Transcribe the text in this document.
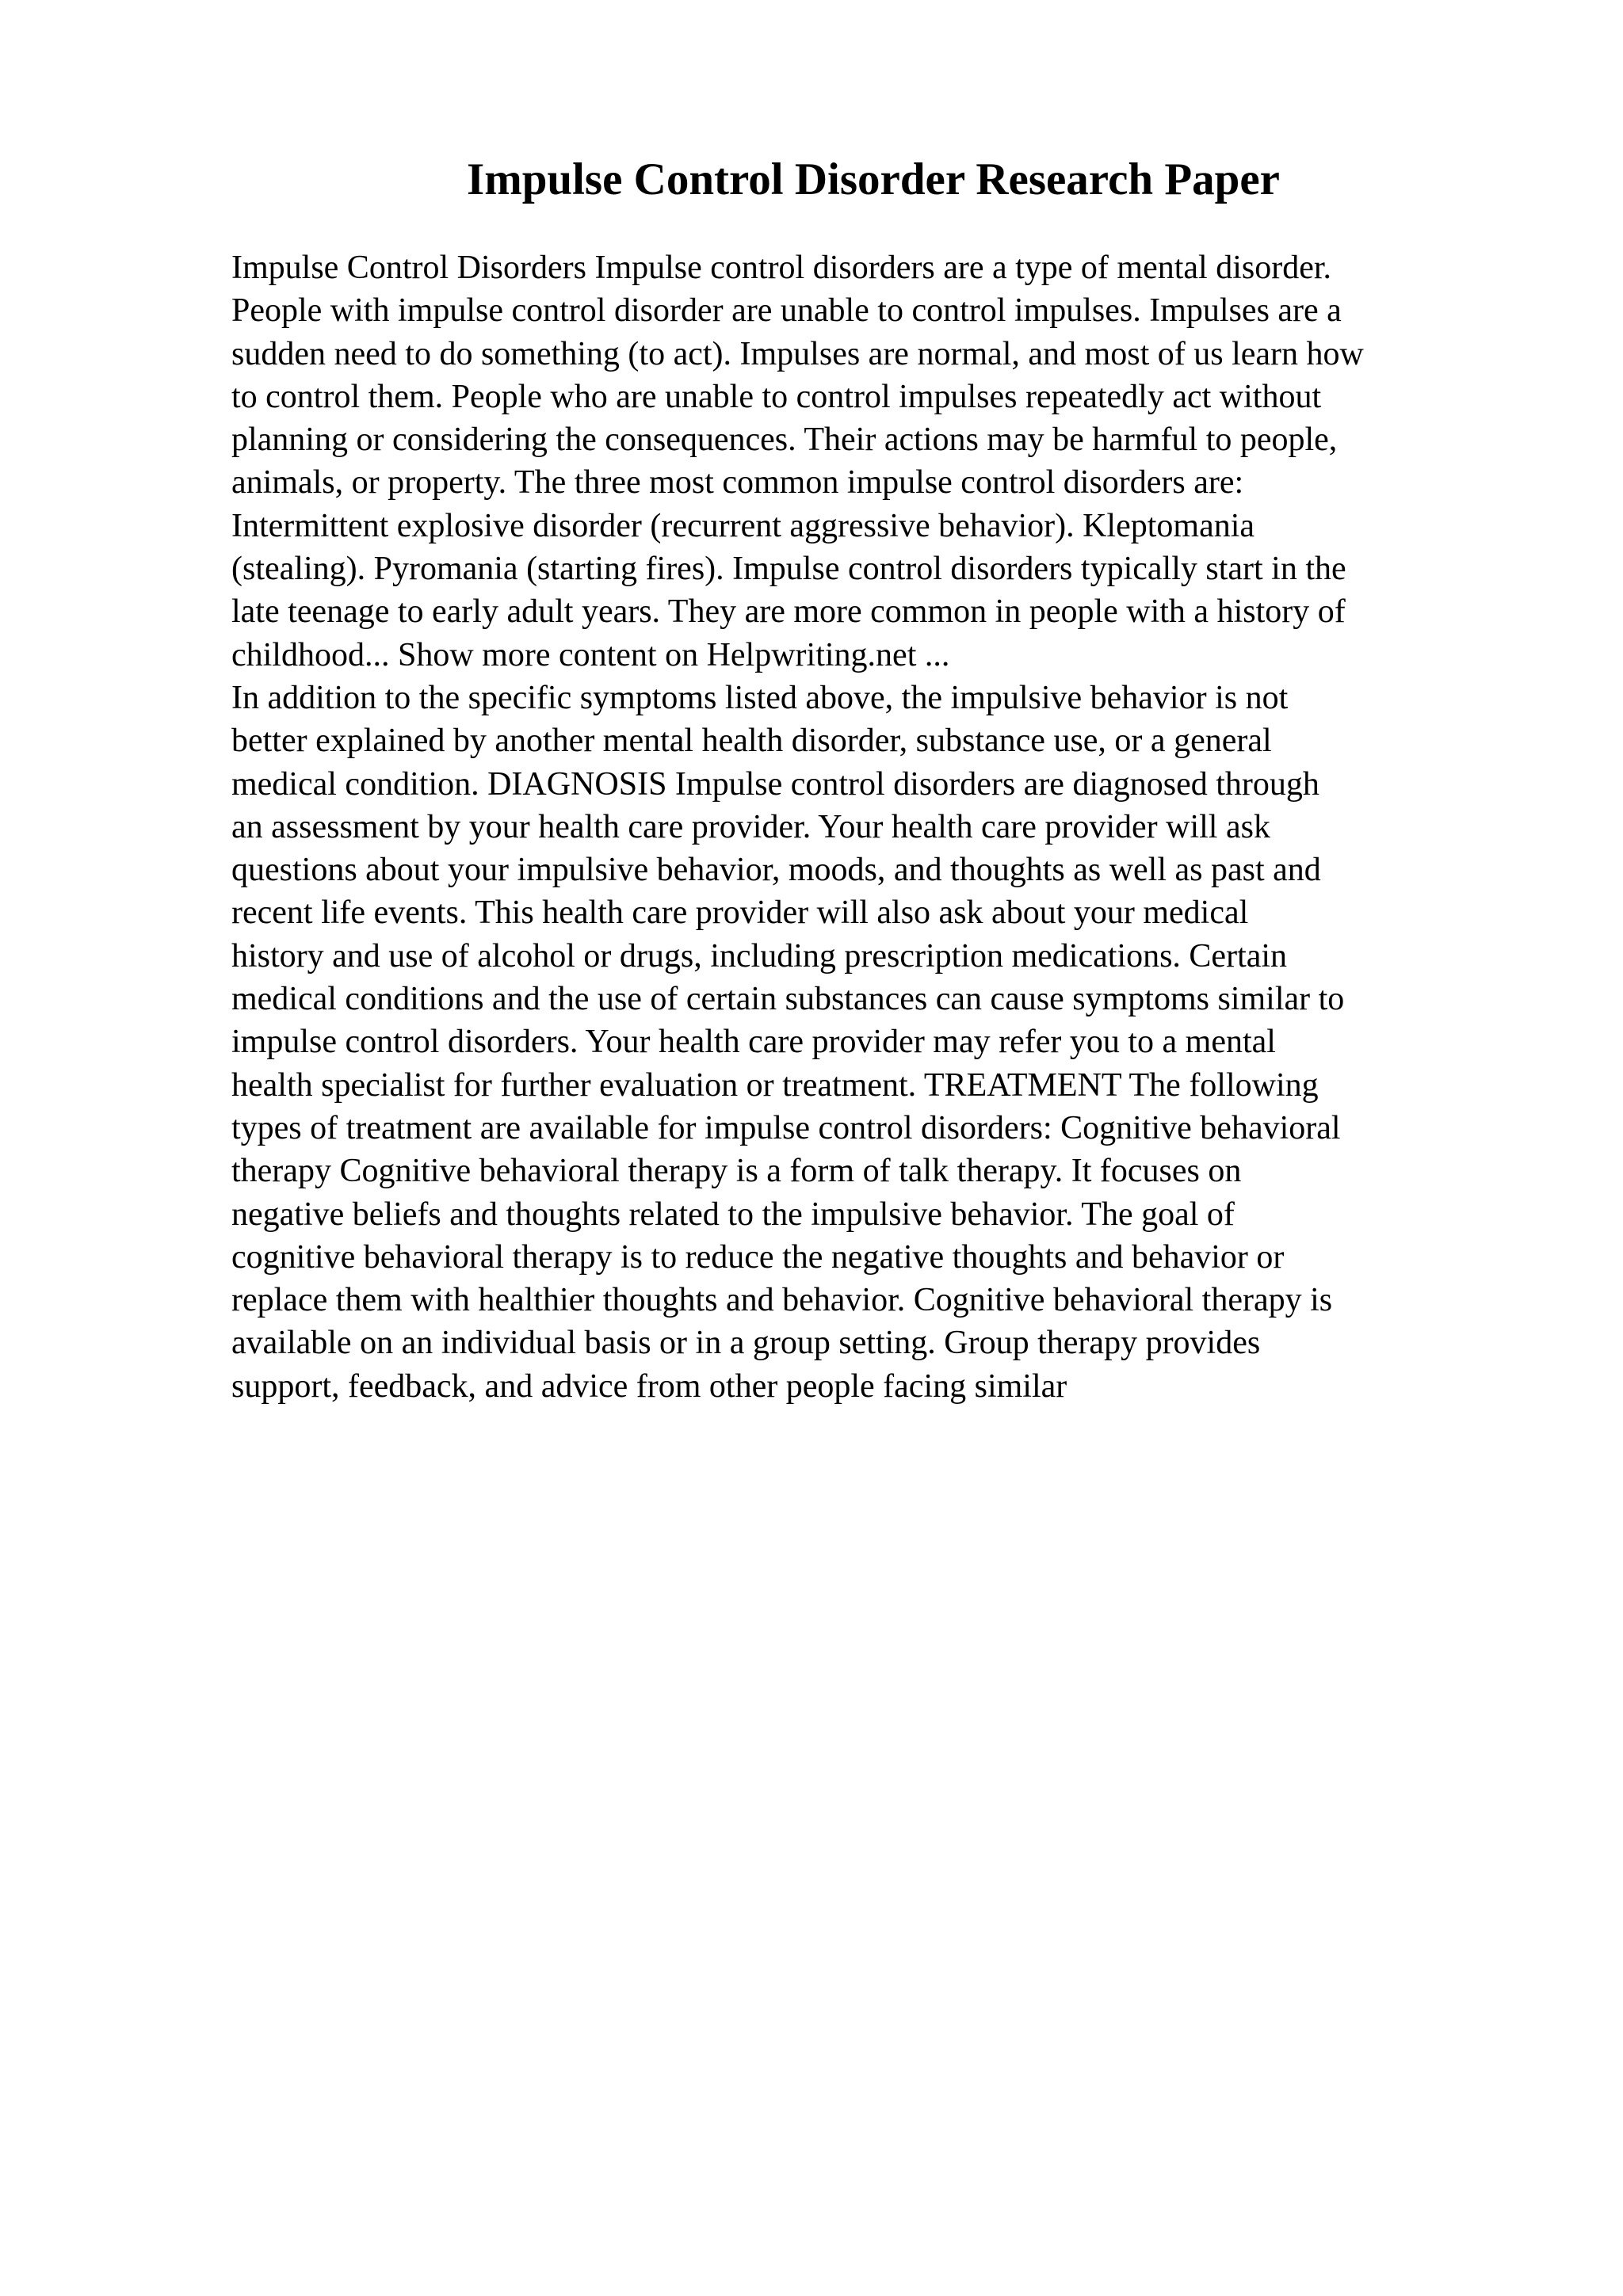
Impulse Control Disorder Research Paper
Impulse Control Disorders Impulse control disorders are a type of mental disorder.
People with impulse control disorder are unable to control impulses. Impulses are a
sudden need to do something (to act). Impulses are normal, and most of us learn how
to control them. People who are unable to control impulses repeatedly act without
planning or considering the consequences. Their actions may be harmful to people,
animals, or property. The three most common impulse control disorders are:
Intermittent explosive disorder (recurrent aggressive behavior). Kleptomania
(stealing). Pyromania (starting fires). Impulse control disorders typically start in the
late teenage to early adult years. They are more common in people with a history of
childhood... Show more content on Helpwriting.net ...
In addition to the specific symptoms listed above, the impulsive behavior is not
better explained by another mental health disorder, substance use, or a general
medical condition. DIAGNOSIS Impulse control disorders are diagnosed through
an assessment by your health care provider. Your health care provider will ask
questions about your impulsive behavior, moods, and thoughts as well as past and
recent life events. This health care provider will also ask about your medical
history and use of alcohol or drugs, including prescription medications. Certain
medical conditions and the use of certain substances can cause symptoms similar to
impulse control disorders. Your health care provider may refer you to a mental
health specialist for further evaluation or treatment. TREATMENT The following
types of treatment are available for impulse control disorders: Cognitive behavioral
therapy Cognitive behavioral therapy is a form of talk therapy. It focuses on
negative beliefs and thoughts related to the impulsive behavior. The goal of
cognitive behavioral therapy is to reduce the negative thoughts and behavior or
replace them with healthier thoughts and behavior. Cognitive behavioral therapy is
available on an individual basis or in a group setting. Group therapy provides
support, feedback, and advice from other people facing similar
